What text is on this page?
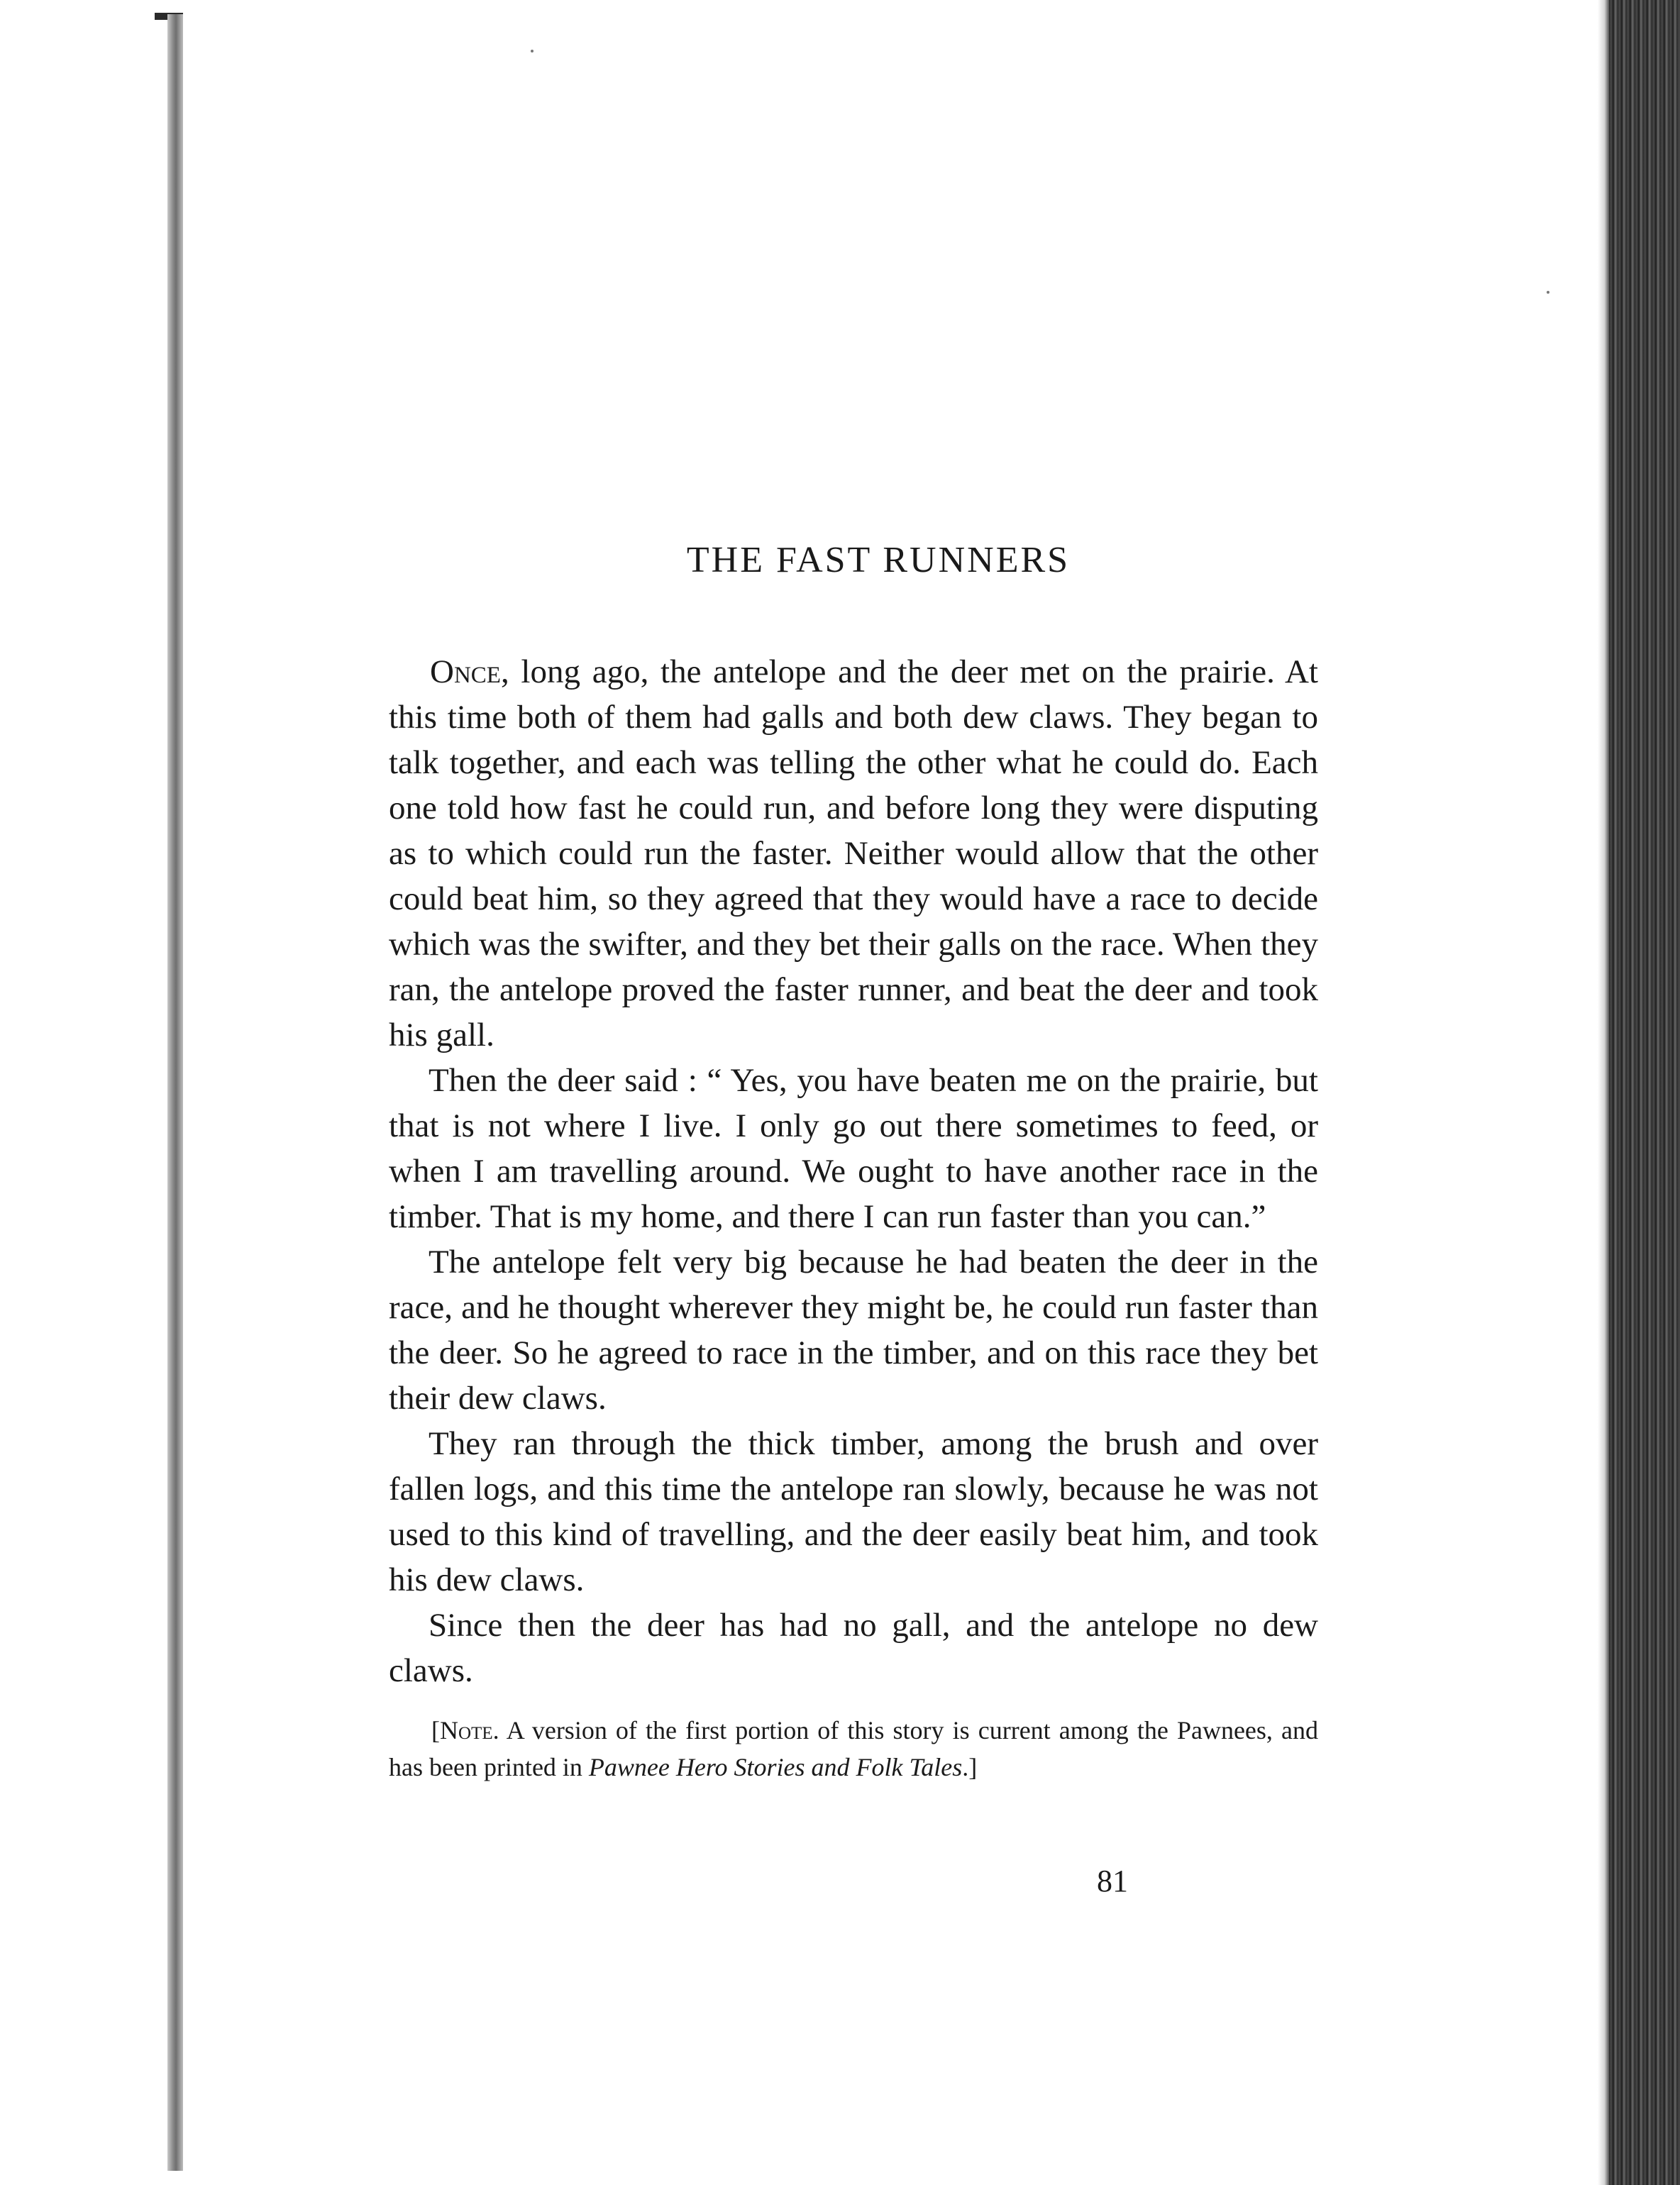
THE FAST RUNNERS

Once, long ago, the antelope and the deer met on the prairie. At this time both of them had galls and both dew claws. They began to talk together, and each was telling the other what he could do. Each one told how fast he could run, and before long they were disputing as to which could run the faster. Neither would allow that the other could beat him, so they agreed that they would have a race to decide which was the swifter, and they bet their galls on the race. When they ran, the antelope proved the faster runner, and beat the deer and took his gall.

Then the deer said : “ Yes, you have beaten me on the prairie, but that is not where I live. I only go out there sometimes to feed, or when I am travelling around. We ought to have another race in the timber. That is my home, and there I can run faster than you can.”

The antelope felt very big because he had beaten the deer in the race, and he thought wherever they might be, he could run faster than the deer. So he agreed to race in the timber, and on this race they bet their dew claws.

They ran through the thick timber, among the brush and over fallen logs, and this time the antelope ran slowly, because he was not used to this kind of travelling, and the deer easily beat him, and took his dew claws.

Since then the deer has had no gall, and the antelope no dew claws.

[Note. A version of the first portion of this story is current among the Pawnees, and has been printed in Pawnee Hero Stories and Folk Tales.]

81
